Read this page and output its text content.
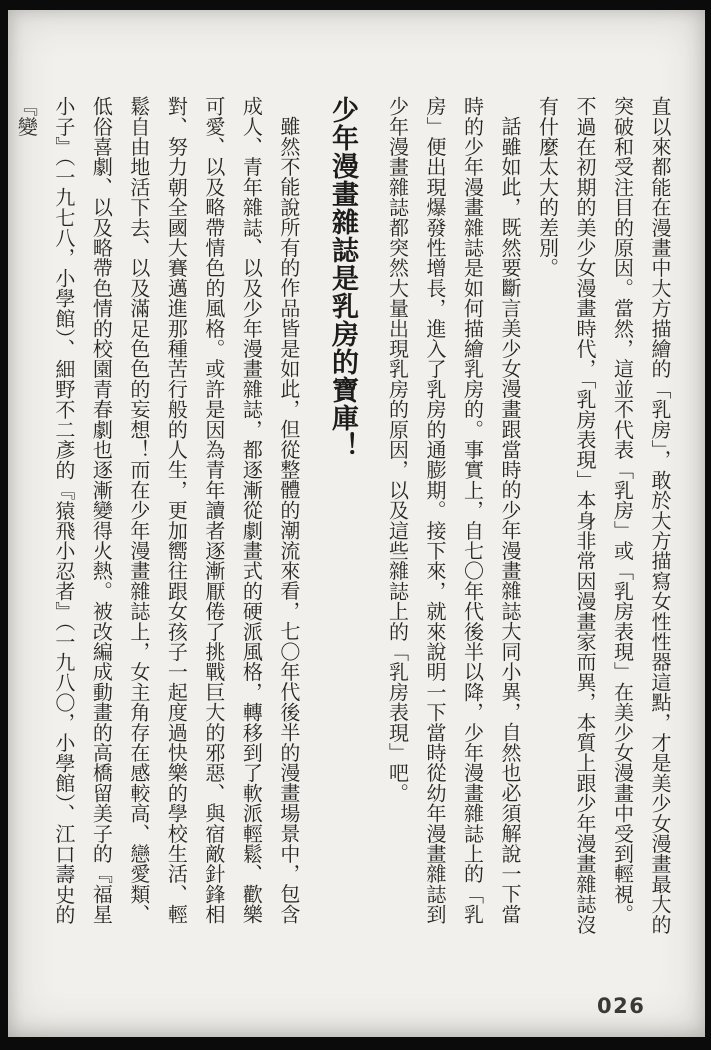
直以來都能在漫畫中大方描繪的「乳房」，敢於大方描寫女性性器這點，才是美少女漫畫最大的突破和受注目的原因。當然，這並不代表「乳房」或「乳房表現」在美少女漫畫中受到輕視。不過在初期的美少女漫畫時代，「乳房表現」本身非常因漫畫家而異，本質上跟少年漫畫雜誌沒有什麼太大的差別。

話雖如此，既然要斷言美少女漫畫跟當時的少年漫畫雜誌大同小異，自然也必須解說一下當時的少年漫畫雜誌是如何描繪乳房的。事實上，自七〇年代後半以降，少年漫畫雜誌上的「乳房」便出現爆發性增長，進入了乳房的通膨期。接下來，就來說明一下當時從幼年漫畫雜誌到少年漫畫雜誌都突然大量出現乳房的原因，以及這些雜誌上的「乳房表現」吧。

少年漫畫雜誌是乳房的寶庫！

雖然不能說所有的作品皆是如此，但從整體的潮流來看，七〇年代後半的漫畫場景中，包含成人、青年雜誌、以及少年漫畫雜誌，都逐漸從劇畫式的硬派風格，轉移到了軟派輕鬆、歡樂可愛、以及略帶情色的風格。或許是因為青年讀者逐漸厭倦了挑戰巨大的邪惡、與宿敵針鋒相對、努力朝全國大賽邁進那種苦行般的人生，更加嚮往跟女孩子一起度過快樂的學校生活、輕鬆自由地活下去、以及滿足色色的妄想！而在少年漫畫雜誌上，女主角存在感較高、戀愛類、低俗喜劇、以及略帶色情的校園青春劇也逐漸變得火熱。被改編成動畫的高橋留美子的『福星小子』（一九七八，小學館）、細野不二彥的『猿飛小忍者』（一九八〇，小學館）、江口壽史的『變

026
